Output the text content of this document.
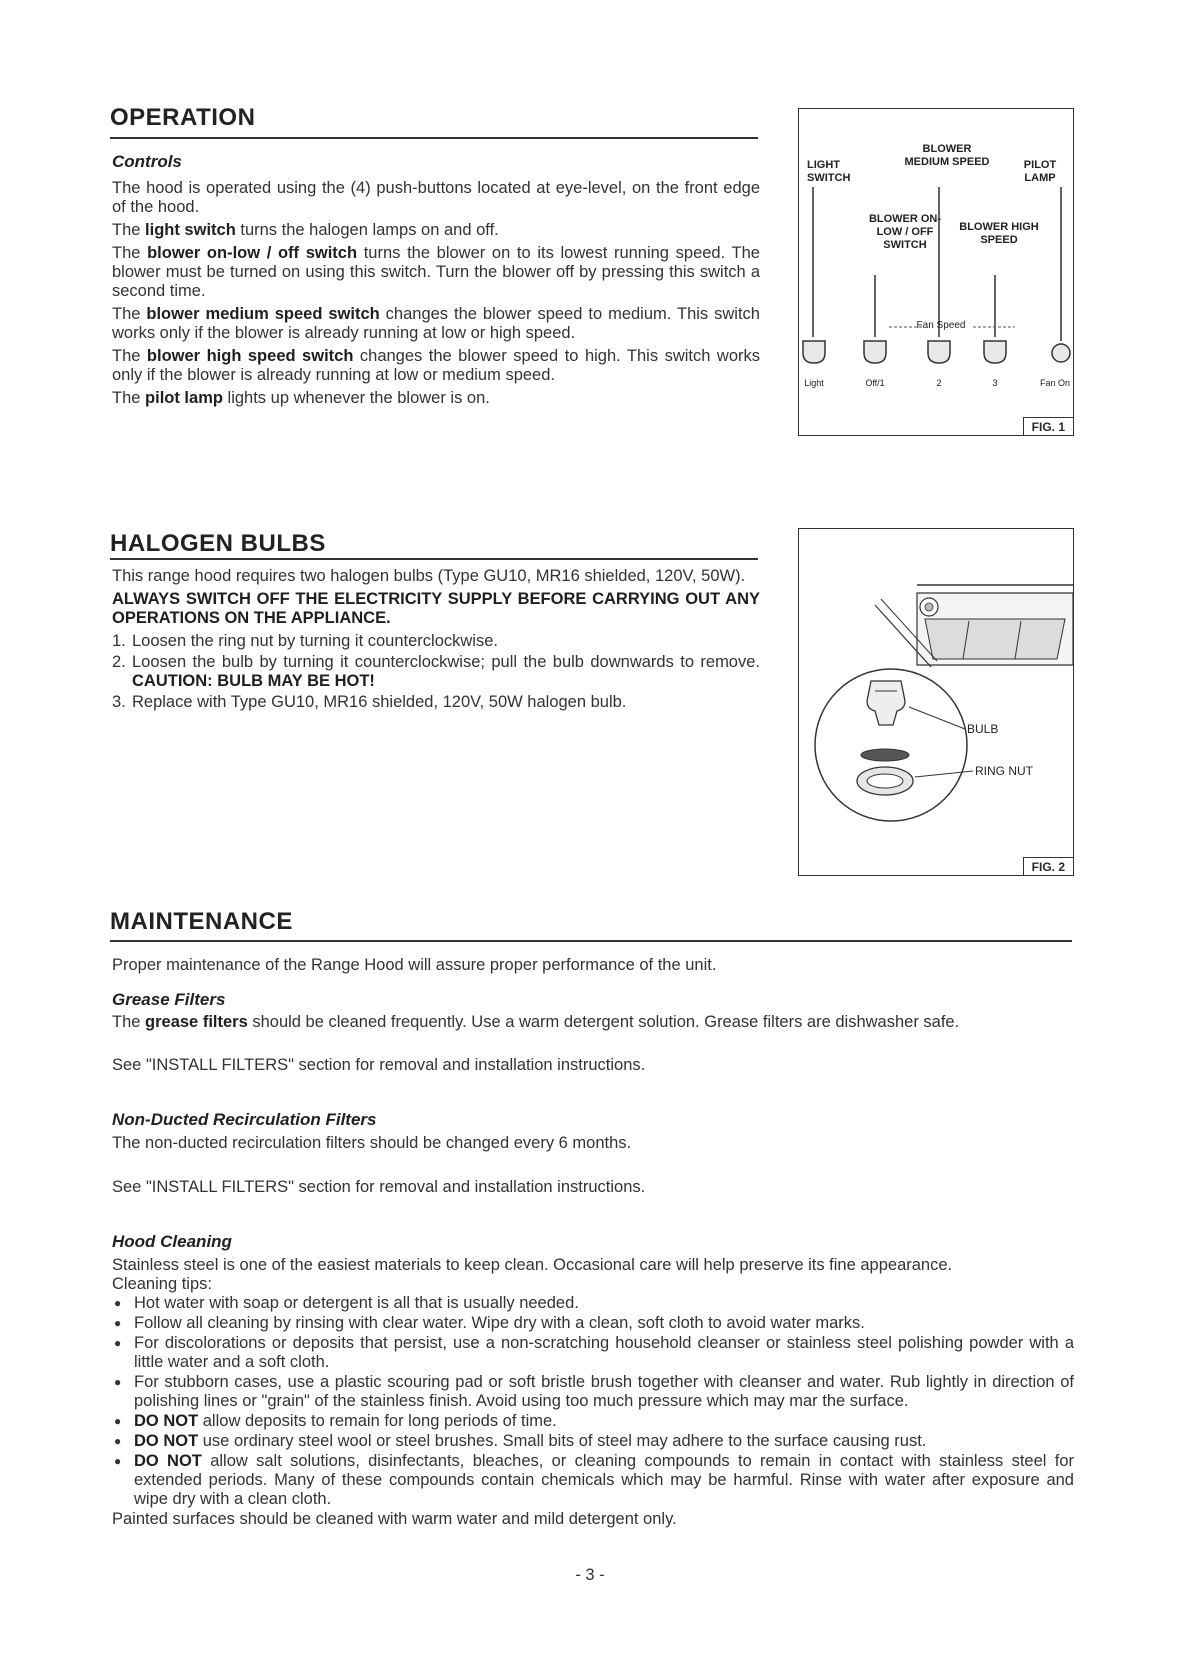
OPERATION
Controls

The hood is operated using the (4) push-buttons located at eye-level, on the front edge of the hood.

The light switch turns the halogen lamps on and off.

The blower on-low / off switch turns the blower on to its lowest running speed. The blower must be turned on using this switch. Turn the blower off by pressing this switch a second time.

The blower medium speed switch changes the blower speed to medium. This switch works only if the blower is already running at low or high speed.

The blower high speed switch changes the blower speed to high. This switch works only if the blower is already running at low or medium speed.

The pilot lamp lights up whenever the blower is on.

LIGHT SWITCH
BLOWER MEDIUM SPEED	PILOT LAMP
BLOWER ON-LOW / OFF SWITCH
BLOWER HIGH SPEED
Fan Speed
Light	Off/1	2	3	Fan On
FIG. 1
HALOGEN BULBS

This range hood requires two halogen bulbs (Type GU10, MR16 shielded, 120V, 50W).

ALWAYS SWITCH OFF THE ELECTRICITY SUPPLY BEFORE CARRYING OUT ANY OPERATIONS ON THE APPLIANCE.

1. Loosen the ring nut by turning it counterclockwise.
2. Loosen the bulb by turning it counterclockwise; pull the bulb downwards to remove. CAUTION: BULB MAY BE HOT!
3. Replace with Type GU10, MR16 shielded, 120V, 50W halogen bulb.
BULB
RING NUT
FIG. 2
MAINTENANCE
Proper maintenance of the Range Hood will assure proper performance of the unit.
Grease Filters
The grease filters should be cleaned frequently. Use a warm detergent solution. Grease filters are dishwasher safe.
See "INSTALL FILTERS" section for removal and installation instructions.
Non-Ducted Recirculation Filters
The non-ducted recirculation filters should be changed every 6 months.
See "INSTALL FILTERS" section for removal and installation instructions.
Hood Cleaning
Stainless steel is one of the easiest materials to keep clean. Occasional care will help preserve its fine appearance.
Cleaning tips:
● Hot water with soap or detergent is all that is usually needed.
● Follow all cleaning by rinsing with clear water. Wipe dry with a clean, soft cloth to avoid water marks.
● For discolorations or deposits that persist, use a non-scratching household cleanser or stainless steel polishing powder with a little water and a soft cloth.
● For stubborn cases, use a plastic scouring pad or soft bristle brush together with cleanser and water. Rub lightly in direction of polishing lines or "grain" of the stainless finish. Avoid using too much pressure which may mar the surface.
● DO NOT allow deposits to remain for long periods of time.
● DO NOT use ordinary steel wool or steel brushes. Small bits of steel may adhere to the surface causing rust.
● DO NOT allow salt solutions, disinfectants, bleaches, or cleaning compounds to remain in contact with stainless steel for extended periods. Many of these compounds contain chemicals which may be harmful. Rinse with water after exposure and wipe dry with a clean cloth.
Painted surfaces should be cleaned with warm water and mild detergent only.
- 3 -
